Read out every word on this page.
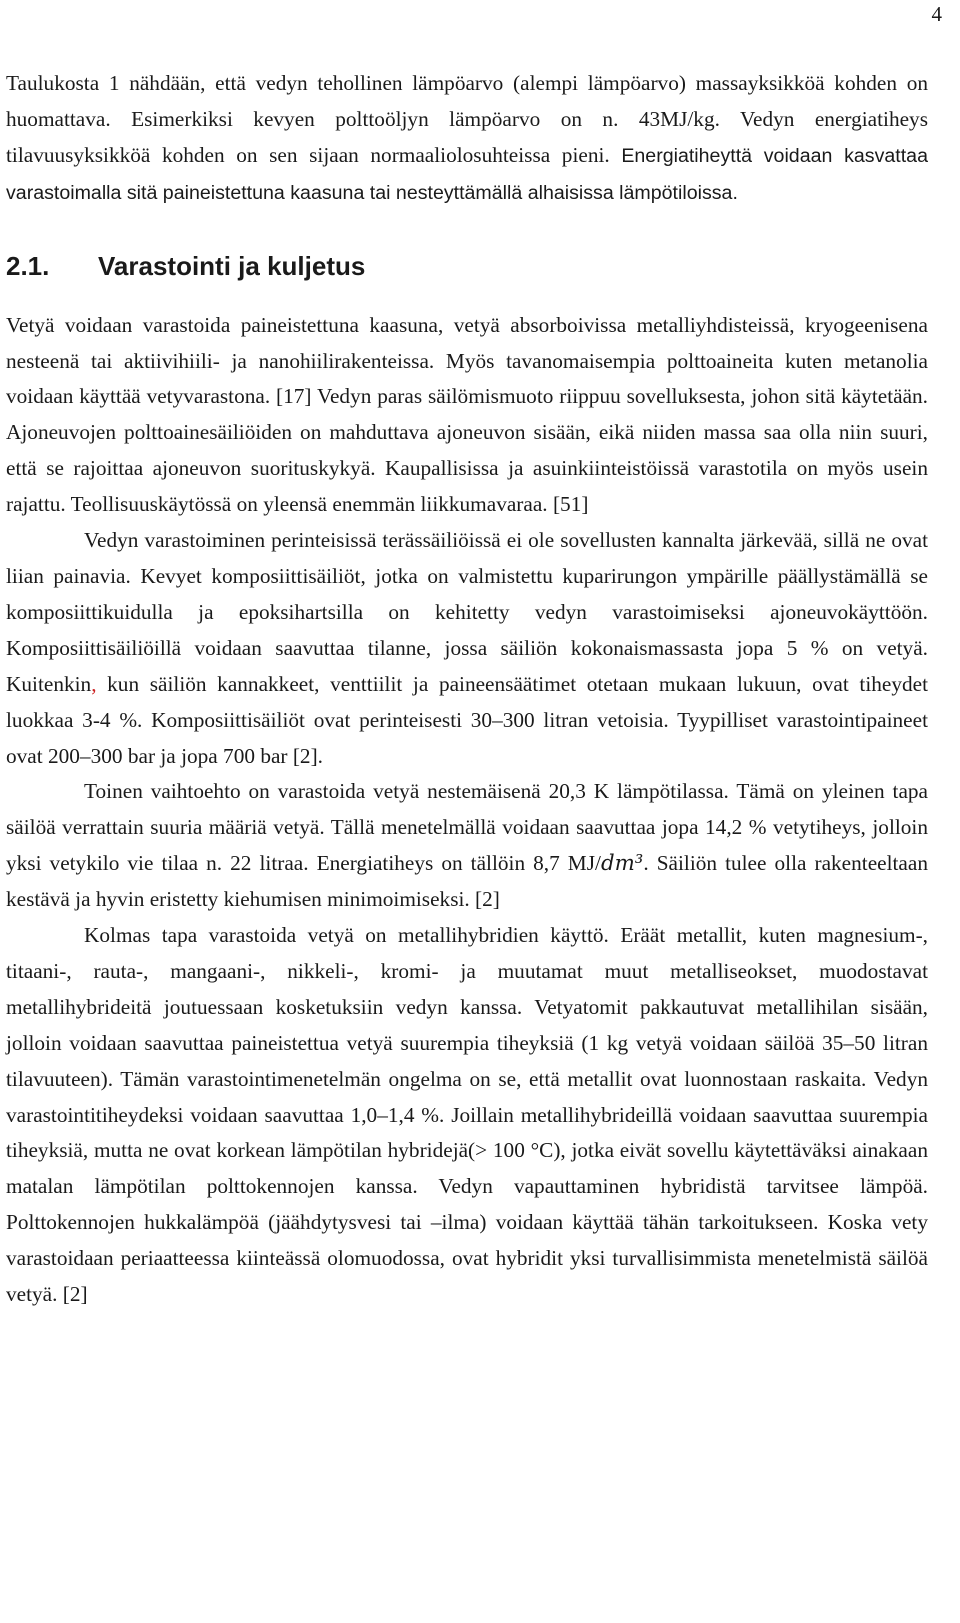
4

Taulukosta 1 nähdään, että vedyn tehollinen lämpöarvo (alempi lämpöarvo) massayksikköä kohden on huomattava. Esimerkiksi kevyen polttoöljyn lämpöarvo on n. 43MJ/kg. Vedyn energiatiheys tilavuusyksikköä kohden on sen sijaan normaaliolosuhteissa pieni. Energiatiheyttä voidaan kasvattaa varastoimalla sitä paineistettuna kaasuna tai nesteyttämällä alhaisissa lämpötiloissa.

2.1. Varastointi ja kuljetus

Vetyä voidaan varastoida paineistettuna kaasuna, vetyä absorboivissa metalliyhdisteissä, kryogeenisena nesteenä tai aktiivihiili- ja nanohiilirakenteissa. Myös tavanomaisempia polttoaineita kuten metanolia voidaan käyttää vetyvarastona. [17] Vedyn paras säilömismuoto riippuu sovelluksesta, johon sitä käytetään. Ajoneuvojen polttoainesäiliöiden on mahduttava ajoneuvon sisään, eikä niiden massa saa olla niin suuri, että se rajoittaa ajoneuvon suorituskykyä. Kaupallisissa ja asuinkiinteistöissä varastotila on myös usein rajattu. Teollisuuskäytössä on yleensä enemmän liikkumavaraa. [51]

Vedyn varastoiminen perinteisissä terässäiliöissä ei ole sovellusten kannalta järkevää, sillä ne ovat liian painavia. Kevyet komposiittisäiliöt, jotka on valmistettu kuparirungon ympärille päällystämällä se komposiittikuidulla ja epoksihartsilla on kehitetty vedyn varastoimiseksi ajoneuvokäyttöön. Komposiittisäiliöillä voidaan saavuttaa tilanne, jossa säiliön kokonaismassasta jopa 5 % on vetyä. Kuitenkin, kun säiliön kannakkeet, venttiilit ja paineensäätimet otetaan mukaan lukuun, ovat tiheydet luokkaa 3-4 %. Komposiittisäiliöt ovat perinteisesti 30–300 litran vetoisia. Tyypilliset varastointipaineet ovat 200–300 bar ja jopa 700 bar [2].

Toinen vaihtoehto on varastoida vetyä nestemäisenä 20,3 K lämpötilassa. Tämä on yleinen tapa säilöä verrattain suuria määriä vetyä. Tällä menetelmällä voidaan saavuttaa jopa 14,2 % vetytiheys, jolloin yksi vetykilo vie tilaa n. 22 litraa. Energiatiheys on tällöin 8,7 MJ/dm³. Säiliön tulee olla rakenteeltaan kestävä ja hyvin eristetty kiehumisen minimoimiseksi. [2]

Kolmas tapa varastoida vetyä on metallihybridien käyttö. Eräät metallit, kuten magnesium-, titaani-, rauta-, mangaani-, nikkeli-, kromi- ja muutamat muut metalliseokset, muodostavat metallihybrideitä joutuessaan kosketuksiin vedyn kanssa. Vetyatomit pakkautuvat metallihilan sisään, jolloin voidaan saavuttaa paineistettua vetyä suurempia tiheyksiä (1 kg vetyä voidaan säilöä 35–50 litran tilavuuteen). Tämän varastointimenetelmän ongelma on se, että metallit ovat luonnostaan raskaita. Vedyn varastointitiheydeksi voidaan saavuttaa 1,0–1,4 %. Joillain metallihybrideillä voidaan saavuttaa suurempia tiheyksiä, mutta ne ovat korkean lämpötilan hybridejä(> 100 °C), jotka eivät sovellu käytettäväksi ainakaan matalan lämpötilan polttokennojen kanssa. Vedyn vapauttaminen hybridistä tarvitsee lämpöä. Polttokennojen hukkalämpöä (jäähdytysvesi tai –ilma) voidaan käyttää tähän tarkoitukseen. Koska vety varastoidaan periaatteessa kiinteässä olomuodossa, ovat hybridit yksi turvallisimmista menetelmistä säilöä vetyä. [2]
